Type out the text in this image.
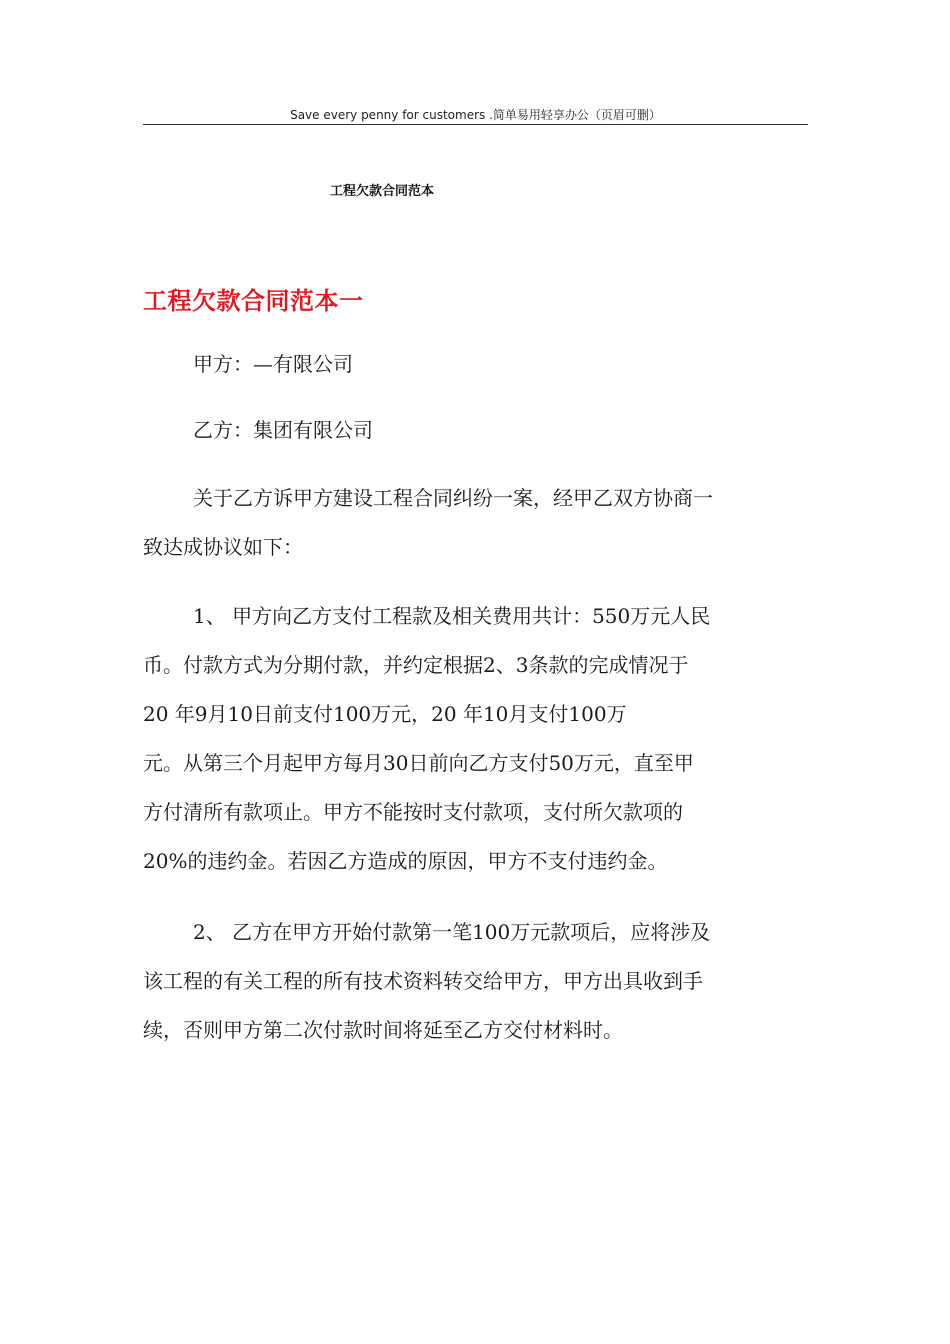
Save every penny for customers .简单易用轻享办公（页眉可删）
工程欠款合同范本
工程欠款合同范本一
甲方：—有限公司
乙方：集团有限公司
关于乙方诉甲方建设工程合同纠纷一案，经甲乙双方协商一
致达成协议如下：
1、 甲方向乙方支付工程款及相关费用共计：550万元人民
币。付款方式为分期付款，并约定根据2、3条款的完成情况于
20 年9月10日前支付100万元，20 年10月支付100万
元。从第三个月起甲方每月30日前向乙方支付50万元，直至甲
方付清所有款项止。甲方不能按时支付款项，支付所欠款项的
20%的违约金。若因乙方造成的原因，甲方不支付违约金。
2、 乙方在甲方开始付款第一笔100万元款项后，应将涉及
该工程的有关工程的所有技术资料转交给甲方，甲方出具收到手
续，否则甲方第二次付款时间将延至乙方交付材料时。
